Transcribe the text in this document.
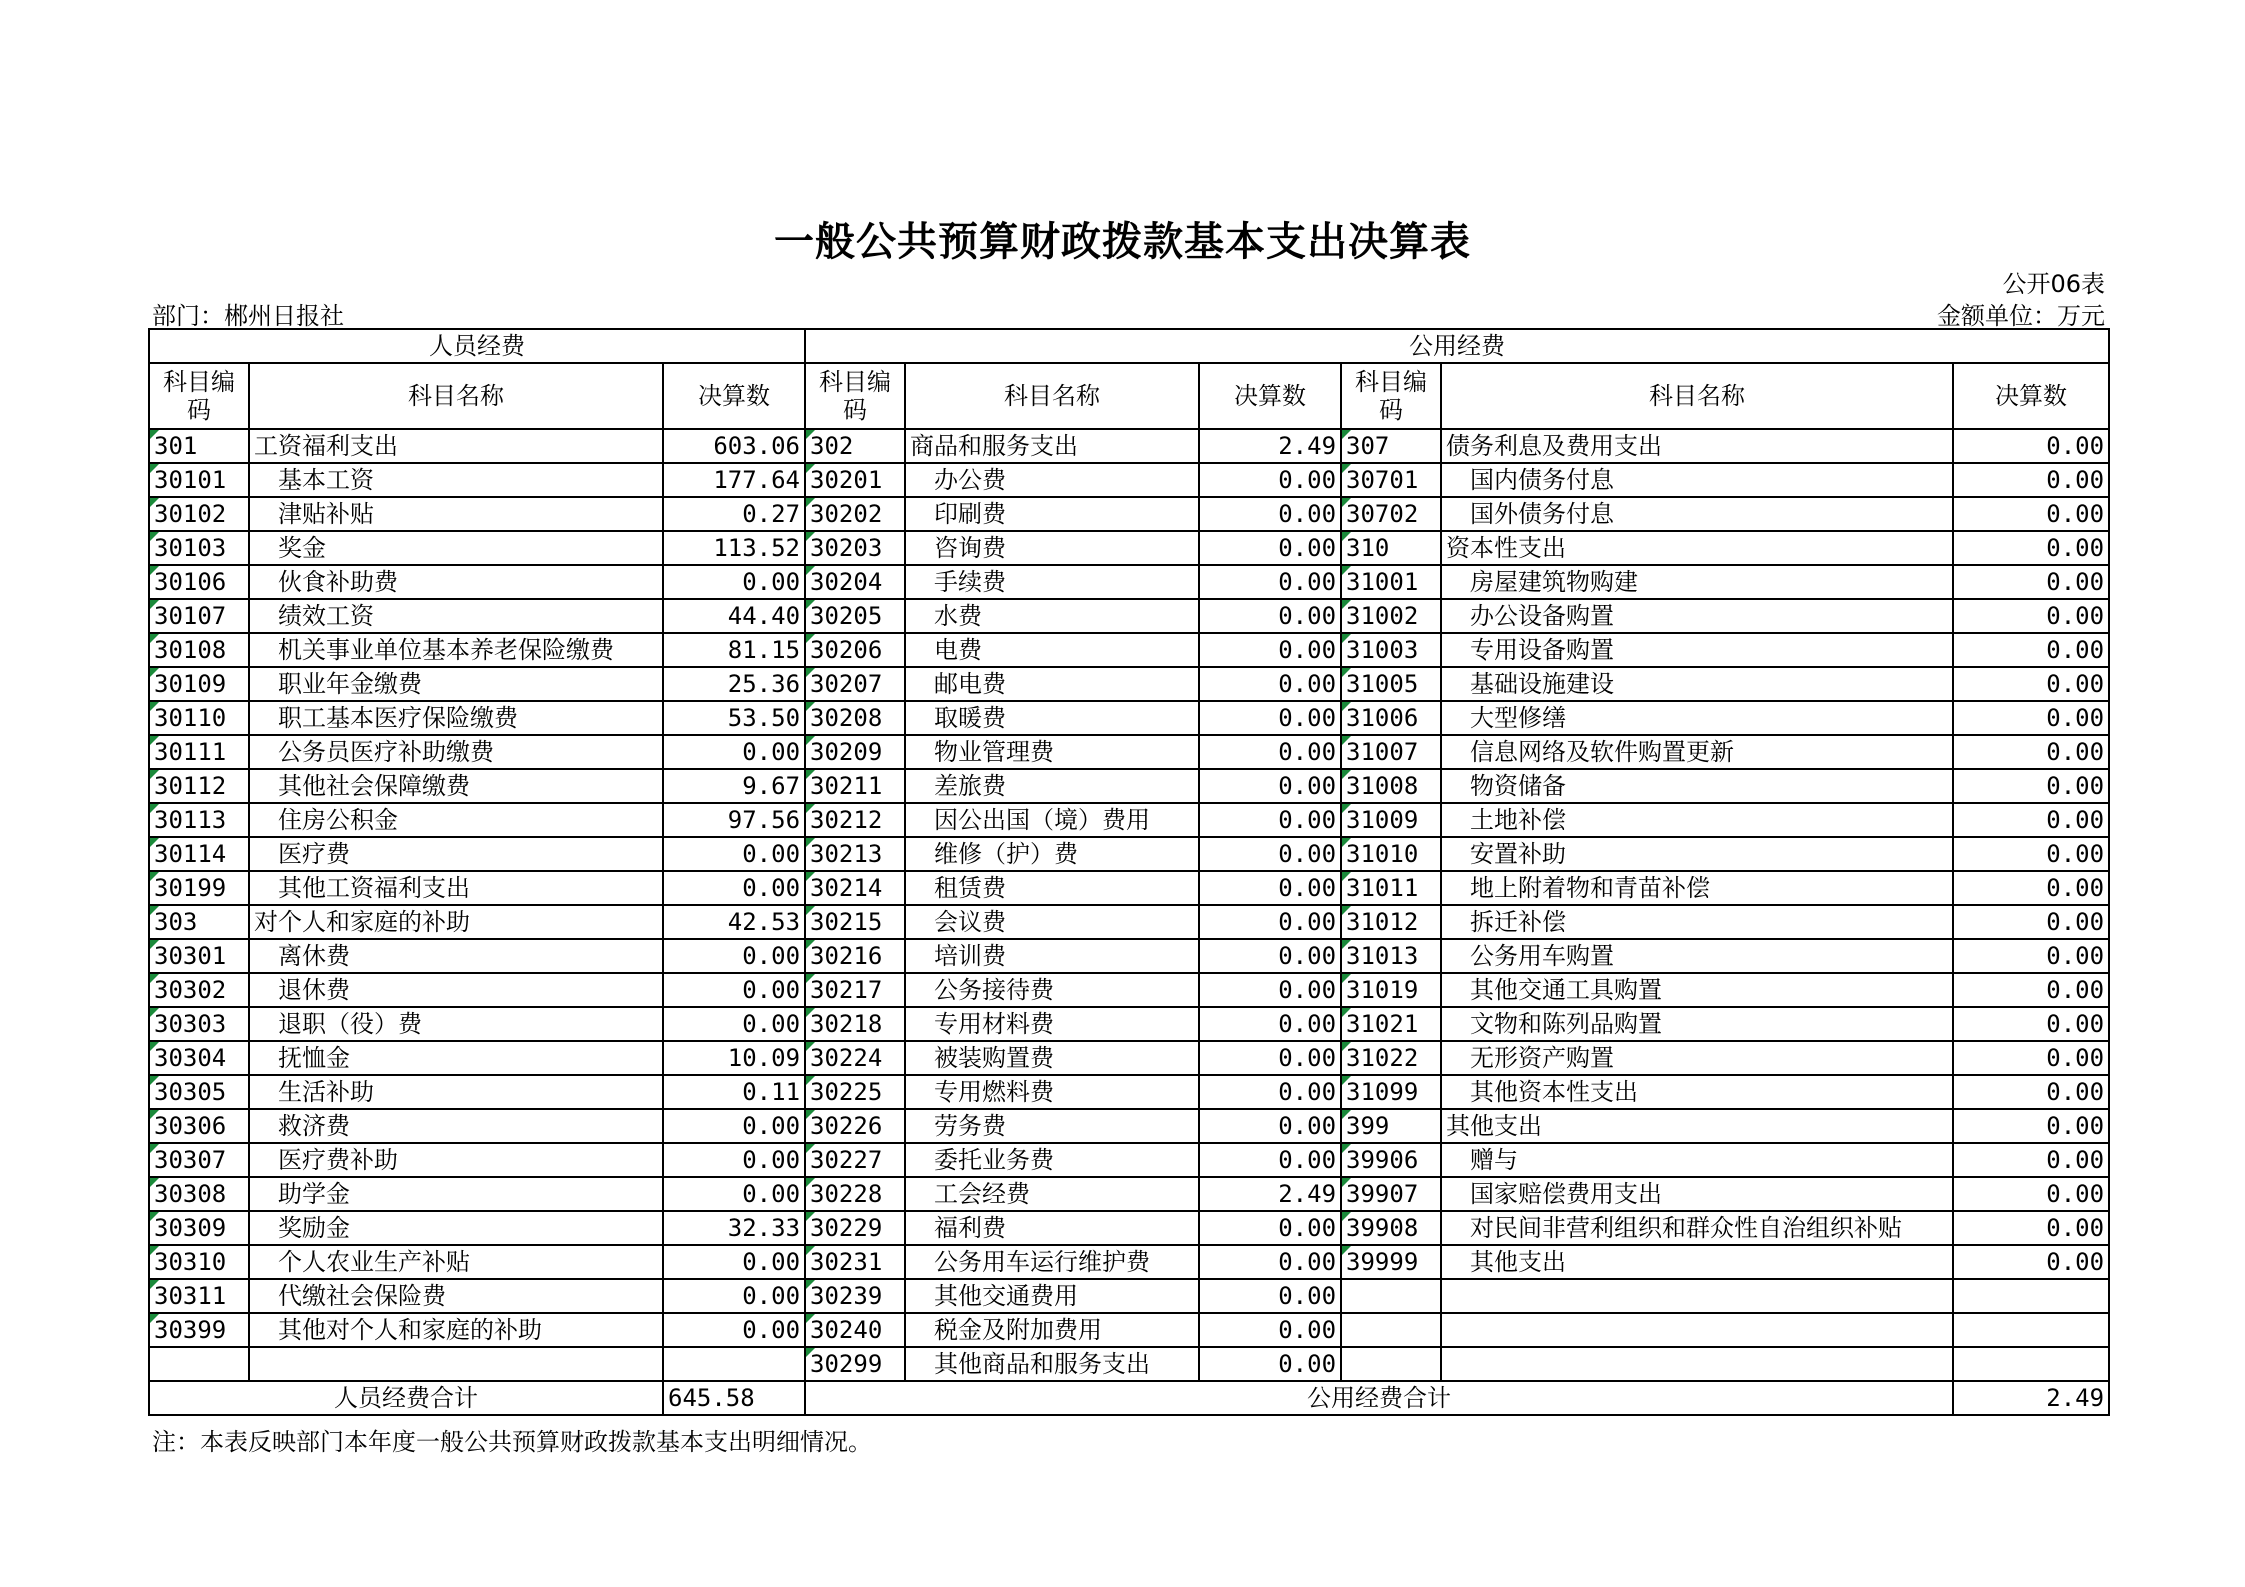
一般公共预算财政拨款基本支出决算表
公开06表
部门：郴州日报社	金额单位：万元
人员经费			公用经费					
科目编码	科目名称	决算数	科目编码	科目名称	决算数	科目编码	科目名称	决算数
301	工资福利支出	603.06	302	商品和服务支出	2.49	307	债务利息及费用支出	0.00
30101	基本工资	177.64	30201	办公费	0.00	30701	国内债务付息	0.00
30102	津贴补贴	0.27	30202	印刷费	0.00	30702	国外债务付息	0.00
30103	奖金	113.52	30203	咨询费	0.00	310	资本性支出	0.00
30106	伙食补助费	0.00	30204	手续费	0.00	31001	房屋建筑物购建	0.00
30107	绩效工资	44.40	30205	水费	0.00	31002	办公设备购置	0.00
30108	机关事业单位基本养老保险缴费	81.15	30206	电费	0.00	31003	专用设备购置	0.00
30109	职业年金缴费	25.36	30207	邮电费	0.00	31005	基础设施建设	0.00
30110	职工基本医疗保险缴费	53.50	30208	取暖费	0.00	31006	大型修缮	0.00
30111	公务员医疗补助缴费	0.00	30209	物业管理费	0.00	31007	信息网络及软件购置更新	0.00
30112	其他社会保障缴费	9.67	30211	差旅费	0.00	31008	物资储备	0.00
30113	住房公积金	97.56	30212	因公出国（境）费用	0.00	31009	土地补偿	0.00
30114	医疗费	0.00	30213	维修（护）费	0.00	31010	安置补助	0.00
30199	其他工资福利支出	0.00	30214	租赁费	0.00	31011	地上附着物和青苗补偿	0.00
303	对个人和家庭的补助	42.53	30215	会议费	0.00	31012	拆迁补偿	0.00
30301	离休费	0.00	30216	培训费	0.00	31013	公务用车购置	0.00
30302	退休费	0.00	30217	公务接待费	0.00	31019	其他交通工具购置	0.00
30303	退职（役）费	0.00	30218	专用材料费	0.00	31021	文物和陈列品购置	0.00
30304	抚恤金	10.09	30224	被装购置费	0.00	31022	无形资产购置	0.00
30305	生活补助	0.11	30225	专用燃料费	0.00	31099	其他资本性支出	0.00
30306	救济费	0.00	30226	劳务费	0.00	399	其他支出	0.00
30307	医疗费补助	0.00	30227	委托业务费	0.00	39906	赠与	0.00
30308	助学金	0.00	30228	工会经费	2.49	39907	国家赔偿费用支出	0.00
30309	奖励金	32.33	30229	福利费	0.00	39908	对民间非营利组织和群众性自治组织补贴	0.00
30310	个人农业生产补贴	0.00	30231	公务用车运行维护费	0.00	39999	其他支出	0.00
30311	代缴社会保险费	0.00	30239	其他交通费用	0.00			
30399	其他对个人和家庭的补助	0.00	30240	税金及附加费用	0.00			
			30299	其他商品和服务支出	0.00			
人员经费合计		645.58	公用经费合计					2.49
注：本表反映部门本年度一般公共预算财政拨款基本支出明细情况。
